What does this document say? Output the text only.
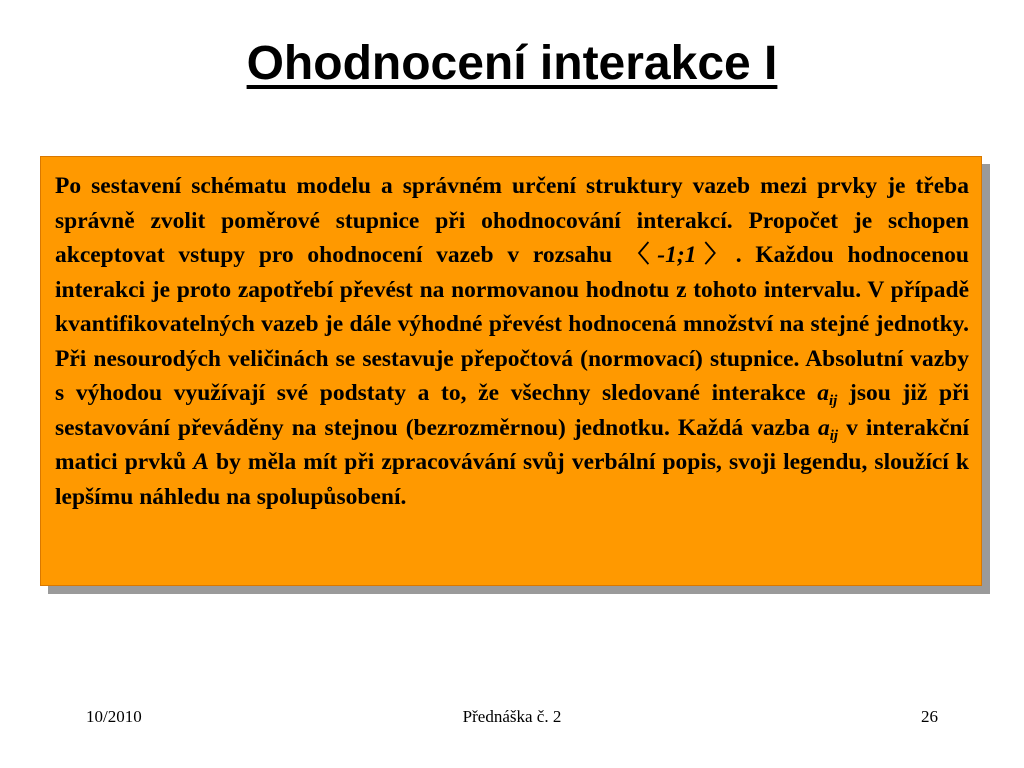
Ohodnocení interakce I
Po sestavení schématu modelu a správném určení struktury vazeb mezi prvky je třeba správně zvolit poměrové stupnice při ohodnocování interakcí. Propočet je schopen akceptovat vstupy pro ohodnocení vazeb v rozsahu 〈-1;1〉. Každou hodnocenou interakci je proto zapotřebí převést na normovanou hodnotu z tohoto intervalu. V případě kvantifikovatelných vazeb je dále výhodné převést hodnocená množství na stejné jednotky. Při nesourodých veličinách se sestavuje přepočtová (normovací) stupnice. Absolutní vazby s výhodou využívají své podstaty a to, že všechny sledované interakce $a_{ij}$ jsou již při sestavování převáděny na stejnou (bezrozměrnou) jednotku. Každá vazba $a_{ij}$ v interakční matici prvků A by měla mít při zpracovávání svůj verbální popis, svoji legendu, sloužící k lepšímu náhledu na spolupůsobení.
10/2010	Přednáška č. 2	26
